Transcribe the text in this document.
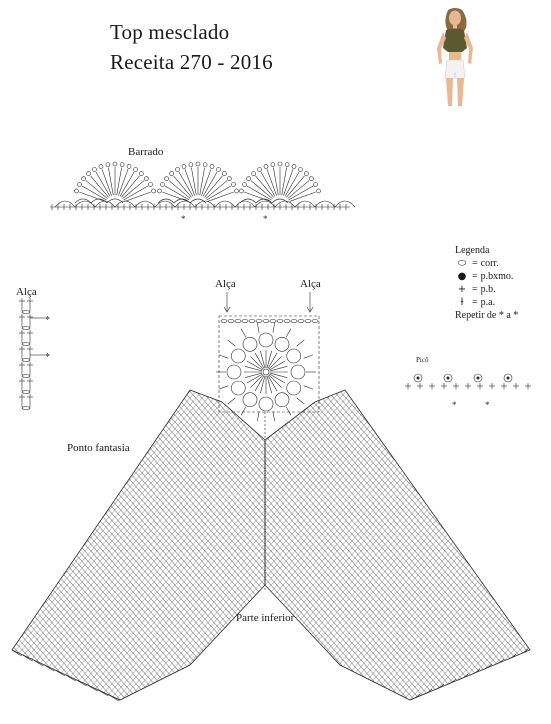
Top mesclado
Receita 270 - 2016
*	*
*
*
*	*
Barrado
Alça
Alça	Alça
Ponto fantasia
Parte inferior
Picô
Legenda
⬭ = corr.
● = p.bxmo.
+ = p.b.
ƚ = p.a.
Repetir de * a *
